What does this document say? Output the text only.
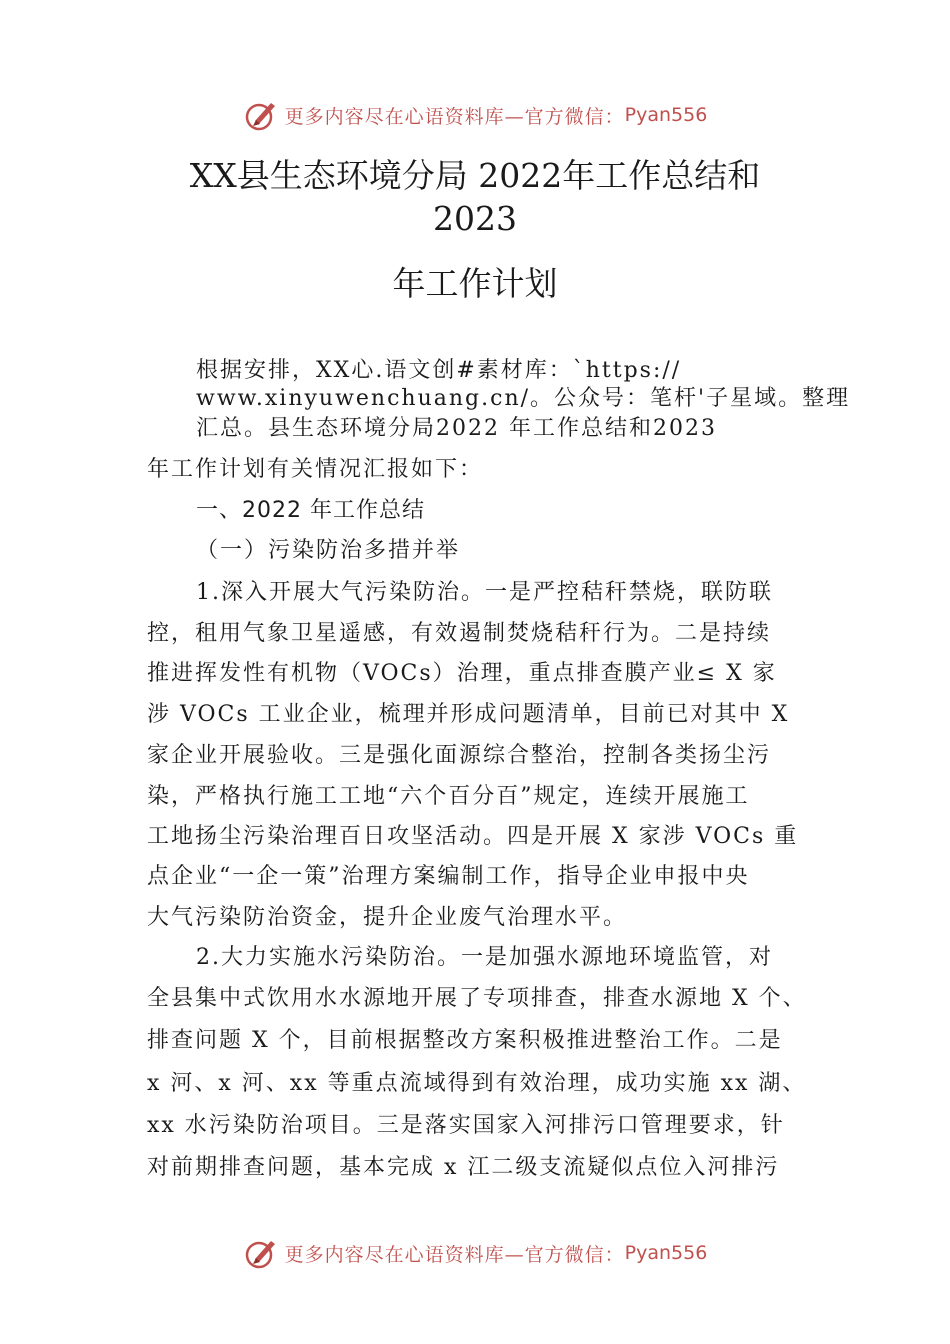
更多内容尽在心语资料库—官方微信： Pyan556
XX县生态环境分局 2022年工作总结和
2023
年工作计划
根据安排，XX心.语文创#素材库：`https://
www.xinyuwenchuang.cn/。公众号：笔杆'子星域。整理
汇总。县生态环境分局2022 年工作总结和2023
年工作计划有关情况汇报如下：
一、2022 年工作总结
（一）污染防治多措并举
1.深入开展大气污染防治。一是严控秸秆禁烧，联防联
控，租用气象卫星遥感，有效遏制焚烧秸秆行为。二是持续
推进挥发性有机物（VOCs）治理，重点排查膜产业≤ X 家
涉 VOCs 工业企业，梳理并形成问题清单，目前已对其中 X
家企业开展验收。三是强化面源综合整治，控制各类扬尘污
染，严格执行施工工地“六个百分百”规定，连续开展施工
工地扬尘污染治理百日攻坚活动。四是开展 X 家涉 VOCs 重
点企业“一企一策”治理方案编制工作，指导企业申报中央
大气污染防治资金，提升企业废气治理水平。
2.大力实施水污染防治。一是加强水源地环境监管，对
全县集中式饮用水水源地开展了专项排查，排查水源地 X 个、
排查问题 X 个，目前根据整改方案积极推进整治工作。二是
x 河、x 河、xx 等重点流域得到有效治理，成功实施 xx 湖、
xx 水污染防治项目。三是落实国家入河排污口管理要求，针
对前期排查问题，基本完成 x 江二级支流疑似点位入河排污
更多内容尽在心语资料库—官方微信： Pyan556
